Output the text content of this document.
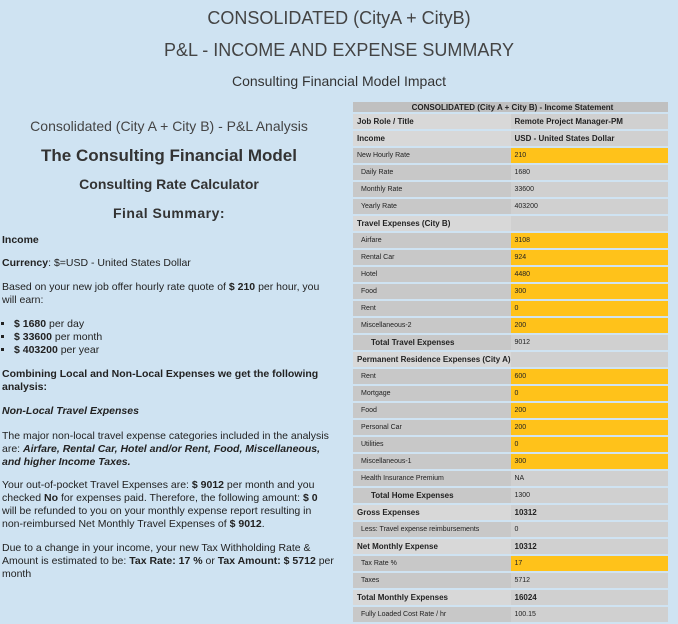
CONSOLIDATED (CityA + CityB)
P&L - INCOME AND EXPENSE SUMMARY
Consulting Financial Model Impact
Consolidated (City A + City B) - P&L Analysis
The Consulting Financial Model
Consulting Rate Calculator
Final Summary:
Income
Currency: $=USD - United States Dollar
Based on your new job offer hourly rate quote of $ 210 per hour, you will earn:
▪ $ 1680 per day
▪ $ 33600 per month
▪ $ 403200 per year
Combining Local and Non-Local Expenses we get the following analysis:
Non-Local Travel Expenses
The major non-local travel expense categories included in the analysis are: Airfare, Rental Car, Hotel and/or Rent, Food, Miscellaneous, and higher Income Taxes.
Your out-of-pocket Travel Expenses are: $ 9012 per month and you checked No for expenses paid. Therefore, the following amount: $ 0 will be refunded to you on your monthly expense report resulting in non-reimbursed Net Monthly Travel Expenses of $ 9012.
Due to a change in your income, your new Tax Withholding Rate & Amount is estimated to be: Tax Rate: 17 % or Tax Amount: $ 5712 per month
CONSOLIDATED (City A + City B) - Income Statement	
Job Role / Title	Remote Project Manager-PM
Income	USD - United States Dollar
New Hourly Rate	210
Daily Rate	1680
Monthly Rate	33600
Yearly Rate	403200
Travel Expenses (City B)	
Airfare	3108
Rental Car	924
Hotel	4480
Food	300
Rent	0
Miscellaneous-2	200
Total Travel Expenses	9012
Permanent Residence Expenses (City A)	
Rent	600
Mortgage	0
Food	200
Personal Car	200
Utilities	0
Miscellaneous-1	300
Health Insurance Premium	NA
Total Home Expenses	1300
Gross Expenses	10312
Less: Travel expense reimbursements	0
Net Monthly Expense	10312
Tax Rate %	17
Taxes	5712
Total Monthly Expenses	16024
Fully Loaded Cost Rate / hr	100.15
